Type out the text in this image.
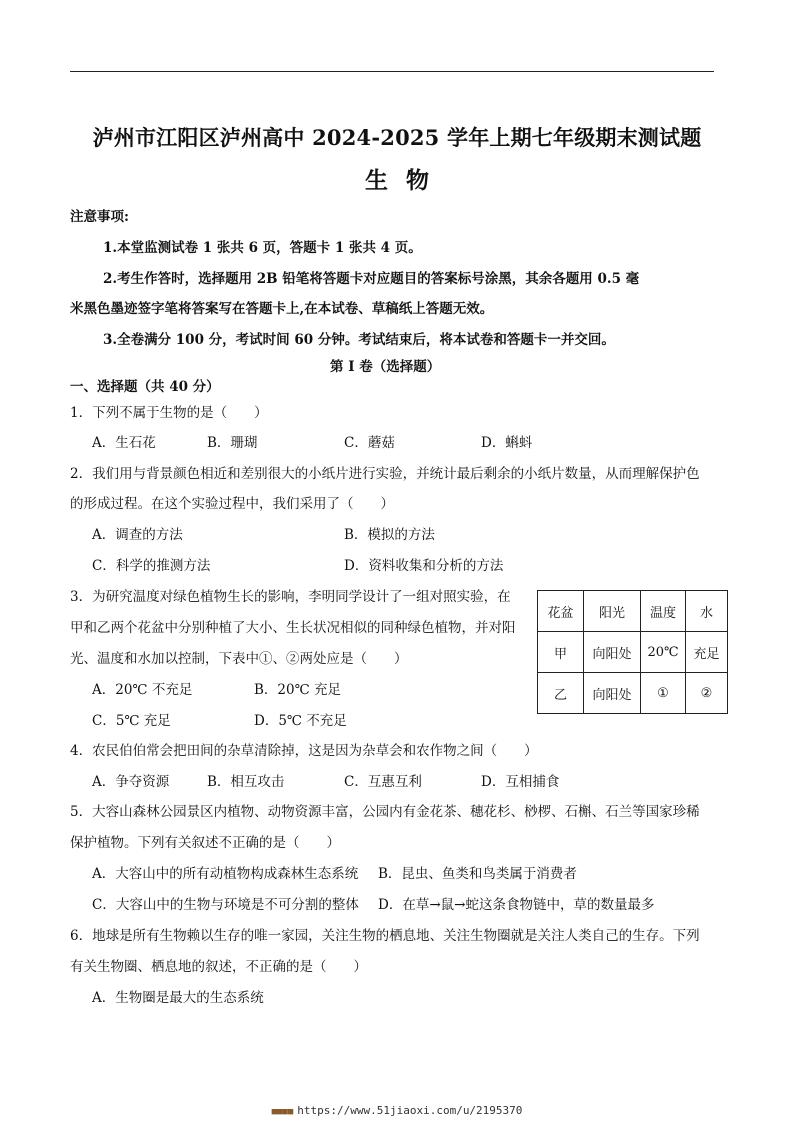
泸州市江阳区泸州高中 2024-2025 学年上期七年级期末测试题
生物
注意事项:
1.本堂监测试卷 1 张共 6 页，答题卡 1 张共 4 页。
2.考生作答时，选择题用 2B 铅笔将答题卡对应题目的答案标号涂黑，其余各题用 0.5 毫
米黑色墨迹签字笔将答案写在答题卡上,在本试卷、草稿纸上答题无效。
3.全卷满分 100 分，考试时间 60 分钟。考试结束后，将本试卷和答题卡一并交回。
第 I 卷（选择题）
一、选择题（共 40 分）
1．下列不属于生物的是（　　）
A．生石花	B．珊瑚	C．蘑菇	D．蝌蚪
2．我们用与背景颜色相近和差别很大的小纸片进行实验，并统计最后剩余的小纸片数量，从而理解保护色
的形成过程。在这个实验过程中，我们采用了（　　）
A．调查的方法	B．模拟的方法
C．科学的推测方法	D．资料收集和分析的方法
3．为研究温度对绿色植物生长的影响，李明同学设计了一组对照实验，在
甲和乙两个花盆中分别种植了大小、生长状况相似的同种绿色植物，并对阳
光、温度和水加以控制，下表中①、②两处应是（　　）
A．20℃ 不充足	B．20℃ 充足
C．5℃ 充足	D．5℃ 不充足
花盆	阳光	温度	水
甲	向阳处	20℃	充足
乙	向阳处	①	②
4．农民伯伯常会把田间的杂草清除掉，这是因为杂草会和农作物之间（　　）
A．争夺资源	B．相互攻击	C．互惠互利	D．互相捕食
5．大容山森林公园景区内植物、动物资源丰富，公园内有金花茶、穗花杉、桫椤、石槲、石兰等国家珍稀
保护植物。下列有关叙述不正确的是（　　）
A．大容山中的所有动植物构成森林生态系统 B．昆虫、鱼类和鸟类属于消费者
C．大容山中的生物与环境是不可分割的整体 D．在草→鼠→蛇这条食物链中，草的数量最多
6．地球是所有生物赖以生存的唯一家园，关注生物的栖息地、关注生物圈就是关注人类自己的生存。下列
有关生物圈、栖息地的叙述，不正确的是（　　）
A．生物圈是最大的生态系统
■■■■ https://www.51jiaoxi.com/u/2195370
